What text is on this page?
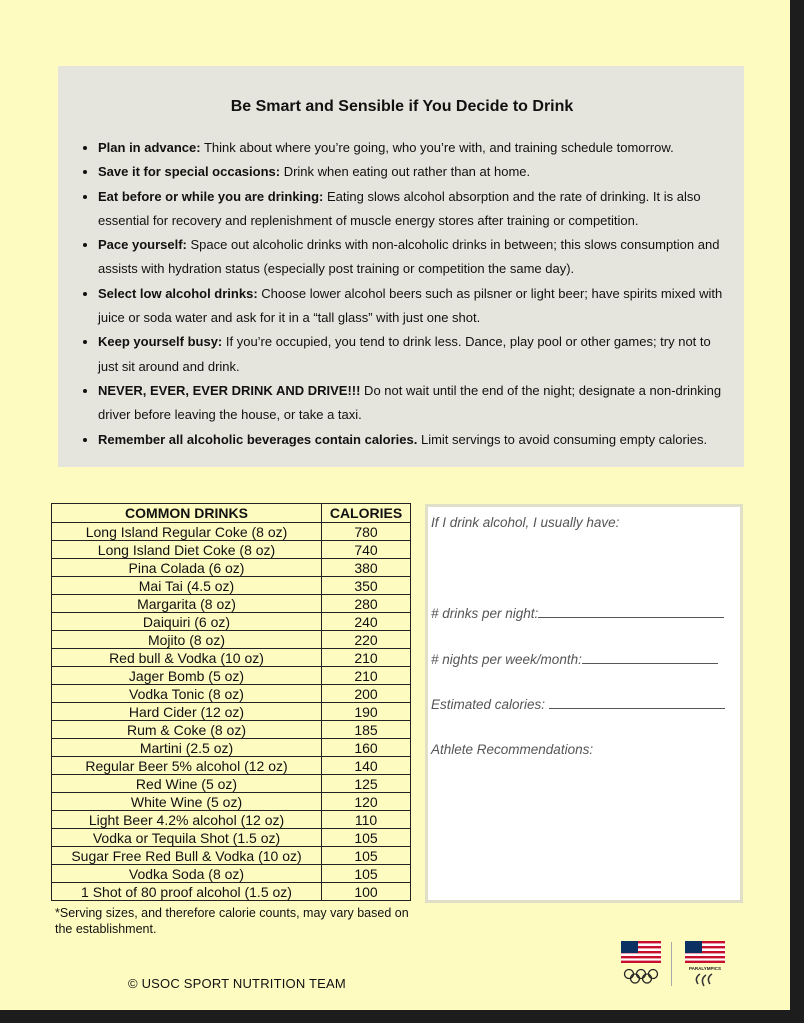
Be Smart and Sensible if You Decide to Drink
• Plan in advance: Think about where you’re going, who you’re with, and training schedule tomorrow.
• Save it for special occasions: Drink when eating out rather than at home.
• Eat before or while you are drinking: Eating slows alcohol absorption and the rate of drinking. It is also essential for recovery and replenishment of muscle energy stores after training or competition.
• Pace yourself: Space out alcoholic drinks with non-alcoholic drinks in between; this slows consumption and assists with hydration status (especially post training or competition the same day).
• Select low alcohol drinks: Choose lower alcohol beers such as pilsner or light beer; have spirits mixed with juice or soda water and ask for it in a “tall glass” with just one shot.
• Keep yourself busy: If you’re occupied, you tend to drink less. Dance, play pool or other games; try not to just sit around and drink.
• NEVER, EVER, EVER DRINK AND DRIVE!!! Do not wait until the end of the night; designate a non-drinking driver before leaving the house, or take a taxi.
• Remember all alcoholic beverages contain calories. Limit servings to avoid consuming empty calories.
COMMON DRINKS	CALORIES
Long Island Regular Coke (8 oz)	780
Long Island Diet Coke (8 oz)	740
Pina Colada (6 oz)	380
Mai Tai (4.5 oz)	350
Margarita (8 oz)	280
Daiquiri (6 oz)	240
Mojito (8 oz)	220
Red bull & Vodka (10 oz)	210
Jager Bomb (5 oz)	210
Vodka Tonic (8 oz)	200
Hard Cider (12 oz)	190
Rum & Coke (8 oz)	185
Martini (2.5 oz)	160
Regular Beer 5% alcohol (12 oz)	140
Red Wine (5 oz)	125
White Wine (5 oz)	120
Light Beer 4.2% alcohol (12 oz)	110
Vodka or Tequila Shot (1.5 oz)	105
Sugar Free Red Bull & Vodka (10 oz)	105
Vodka Soda (8 oz)	105
1 Shot of 80 proof alcohol (1.5 oz)	100
*Serving sizes, and therefore calorie counts, may vary based on the establishment.
If I drink alcohol, I usually have:
# drinks per night:
# nights per week/month:
Estimated calories:
Athlete Recommendations:
© USOC SPORT NUTRITION TEAM
PARALYMPICS
